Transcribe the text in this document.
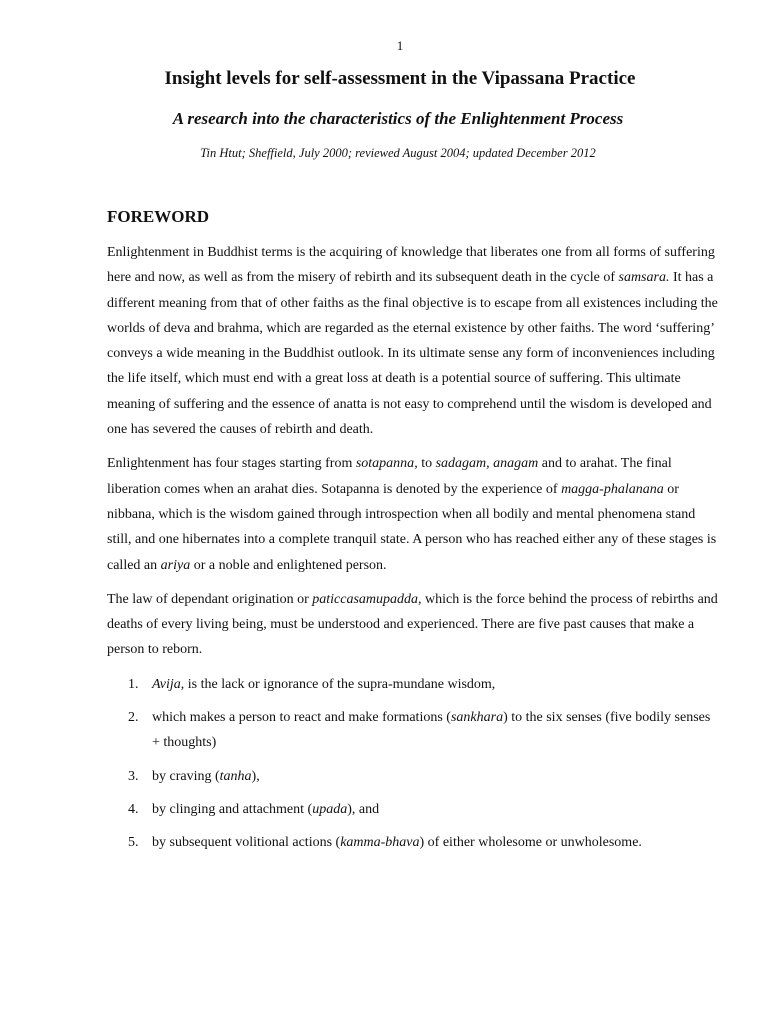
1
Insight levels for self-assessment in the Vipassana Practice
A research into the characteristics of the Enlightenment Process
Tin Htut; Sheffield, July 2000; reviewed August 2004; updated December 2012
FOREWORD

Enlightenment in Buddhist terms is the acquiring of knowledge that liberates one from all forms of suffering here and now, as well as from the misery of rebirth and its subsequent death in the cycle of samsara. It has a different meaning from that of other faiths as the final objective is to escape from all existences including the worlds of deva and brahma, which are regarded as the eternal existence by other faiths. The word ‘suffering’ conveys a wide meaning in the Buddhist outlook. In its ultimate sense any form of inconveniences including the life itself, which must end with a great loss at death is a potential source of suffering. This ultimate meaning of suffering and the essence of anatta is not easy to comprehend until the wisdom is developed and one has severed the causes of rebirth and death.

Enlightenment has four stages starting from sotapanna, to sadagam, anagam and to arahat. The final liberation comes when an arahat dies. Sotapanna is denoted by the experience of magga-phalanana or nibbana, which is the wisdom gained through introspection when all bodily and mental phenomena stand still, and one hibernates into a complete tranquil state. A person who has reached either any of these stages is called an ariya or a noble and enlightened person.

The law of dependant origination or paticcasamupadda, which is the force behind the process of rebirths and deaths of every living being, must be understood and experienced. There are five past causes that make a person to reborn.

1. Avija, is the lack or ignorance of the supra-mundane wisdom,
2. which makes a person to react and make formations (sankhara) to the six senses (five bodily senses + thoughts)
3. by craving (tanha),
4. by clinging and attachment (upada), and
5. by subsequent volitional actions (kamma-bhava) of either wholesome or unwholesome.
